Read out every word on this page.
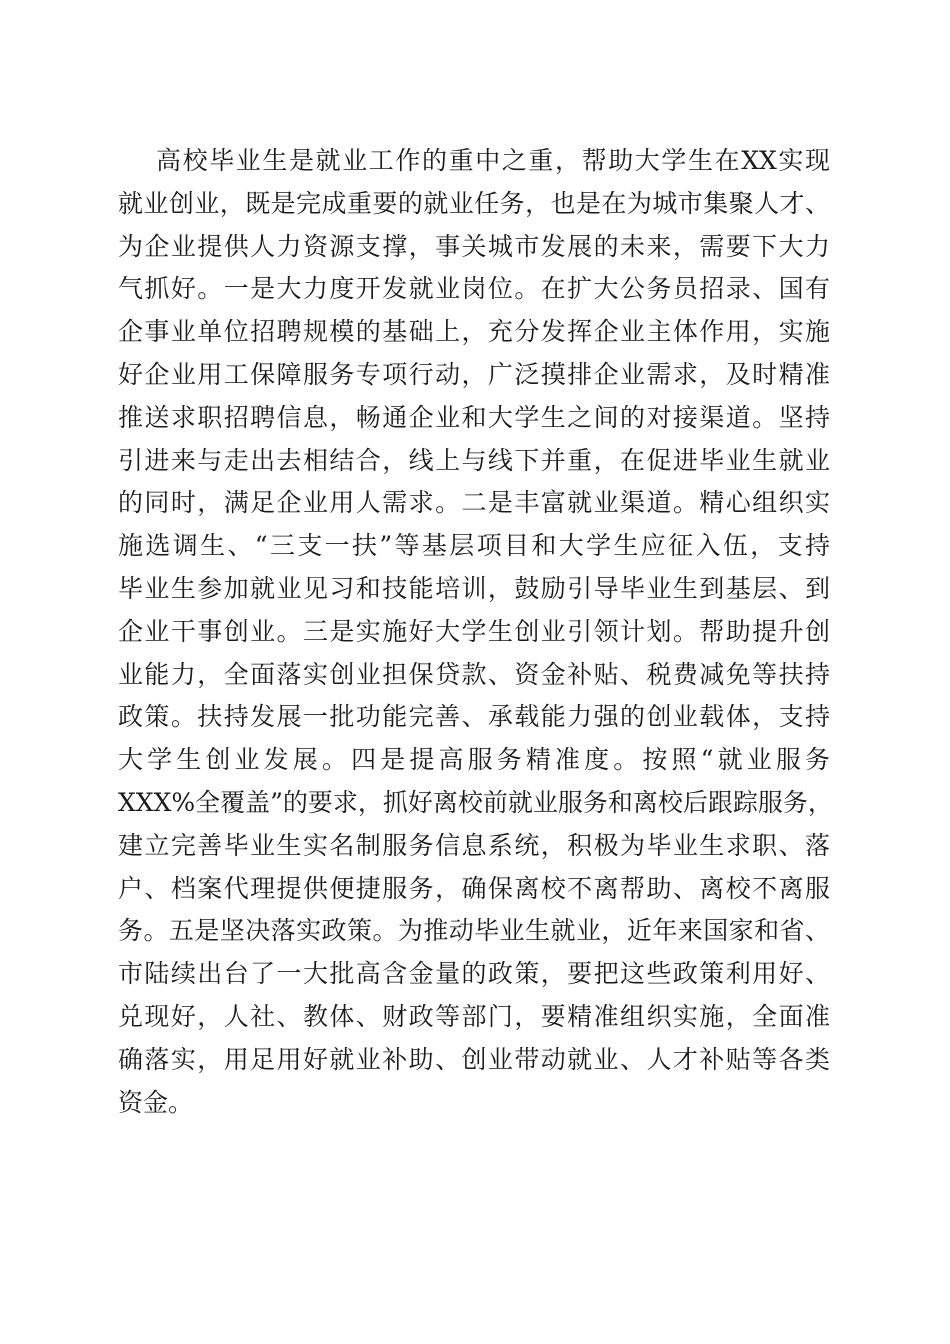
高校毕业生是就业工作的重中之重，帮助大学生在XX实现
就业创业，既是完成重要的就业任务，也是在为城市集聚人才、
为企业提供人力资源支撑，事关城市发展的未来，需要下大力
气抓好。一是大力度开发就业岗位。在扩大公务员招录、国有
企事业单位招聘规模的基础上，充分发挥企业主体作用，实施
好企业用工保障服务专项行动，广泛摸排企业需求，及时精准
推送求职招聘信息，畅通企业和大学生之间的对接渠道。坚持
引进来与走出去相结合，线上与线下并重，在促进毕业生就业
的同时，满足企业用人需求。二是丰富就业渠道。精心组织实
施选调生、“三支一扶”等基层项目和大学生应征入伍，支持
毕业生参加就业见习和技能培训，鼓励引导毕业生到基层、到
企业干事创业。三是实施好大学生创业引领计划。帮助提升创
业能力，全面落实创业担保贷款、资金补贴、税费减免等扶持
政策。扶持发展一批功能完善、承载能力强的创业载体，支持
大学生创业发展。四是提高服务精准度。按照“就业服务
XXX%全覆盖”的要求，抓好离校前就业服务和离校后跟踪服务，
建立完善毕业生实名制服务信息系统，积极为毕业生求职、落
户、档案代理提供便捷服务，确保离校不离帮助、离校不离服
务。五是坚决落实政策。为推动毕业生就业，近年来国家和省、
市陆续出台了一大批高含金量的政策，要把这些政策利用好、
兑现好，人社、教体、财政等部门，要精准组织实施，全面准
确落实，用足用好就业补助、创业带动就业、人才补贴等各类
资金。
